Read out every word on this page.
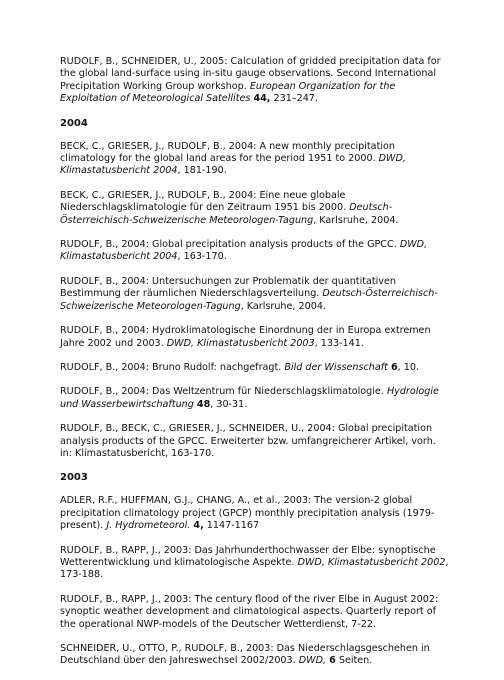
RUDOLF, B., SCHNEIDER, U., 2005: Calculation of gridded precipitation data for the global land-surface using in-situ gauge observations. Second International Precipitation Working Group workshop. European Organization for the Exploitation of Meteorological Satellites 44, 231–247.

2004

BECK, C., GRIESER, J., RUDOLF, B., 2004: A new monthly precipitation climatology for the global land areas for the period 1951 to 2000. DWD, Klimastatusbericht 2004, 181-190.

BECK, C., GRIESER, J., RUDOLF, B., 2004: Eine neue globale Niederschlagsklimatologie für den Zeitraum 1951 bis 2000. Deutsch-Österreichisch-Schweizerische Meteorologen-Tagung, Karlsruhe, 2004.

RUDOLF, B., 2004: Global precipitation analysis products of the GPCC. DWD, Klimastatusbericht 2004, 163-170.

RUDOLF, B., 2004: Untersuchungen zur Problematik der quantitativen Bestimmung der räumlichen Niederschlagsverteilung. Deutsch-Österreichisch-Schweizerische Meteorologen-Tagung, Karlsruhe, 2004.

RUDOLF, B., 2004: Hydroklimatologische Einordnung der in Europa extremen Jahre 2002 und 2003. DWD, Klimastatusbericht 2003, 133-141.

RUDOLF, B., 2004: Bruno Rudolf: nachgefragt. Bild der Wissenschaft 6, 10.

RUDOLF, B., 2004: Das Weltzentrum für Niederschlagsklimatologie. Hydrologie und Wasserbewirtschaftung 48, 30-31.

RUDOLF, B., BECK, C., GRIESER, J., SCHNEIDER, U., 2004: Global precipitation analysis products of the GPCC. Erweiterter bzw. umfangreicherer Artikel, vorh. in: Klimastatusbericht, 163-170.

2003

ADLER, R.F., HUFFMAN, G.J., CHANG, A., et al., 2003: The version-2 global precipitation climatology project (GPCP) monthly precipitation analysis (1979-present). J. Hydrometeorol. 4, 1147-1167

RUDOLF, B., RAPP, J., 2003: Das Jahrhunderthochwasser der Elbe: synoptische Wetterentwicklung und klimatologische Aspekte. DWD, Klimastatusbericht 2002, 173-188.

RUDOLF, B., RAPP, J., 2003: The century flood of the river Elbe in August 2002: synoptic weather development and climatological aspects. Quarterly report of the operational NWP-models of the Deutscher Wetterdienst, 7-22.

SCHNEIDER, U., OTTO, P., RUDOLF, B., 2003: Das Niederschlagsgeschehen in Deutschland über den Jahreswechsel 2002/2003. DWD, 6 Seiten.
